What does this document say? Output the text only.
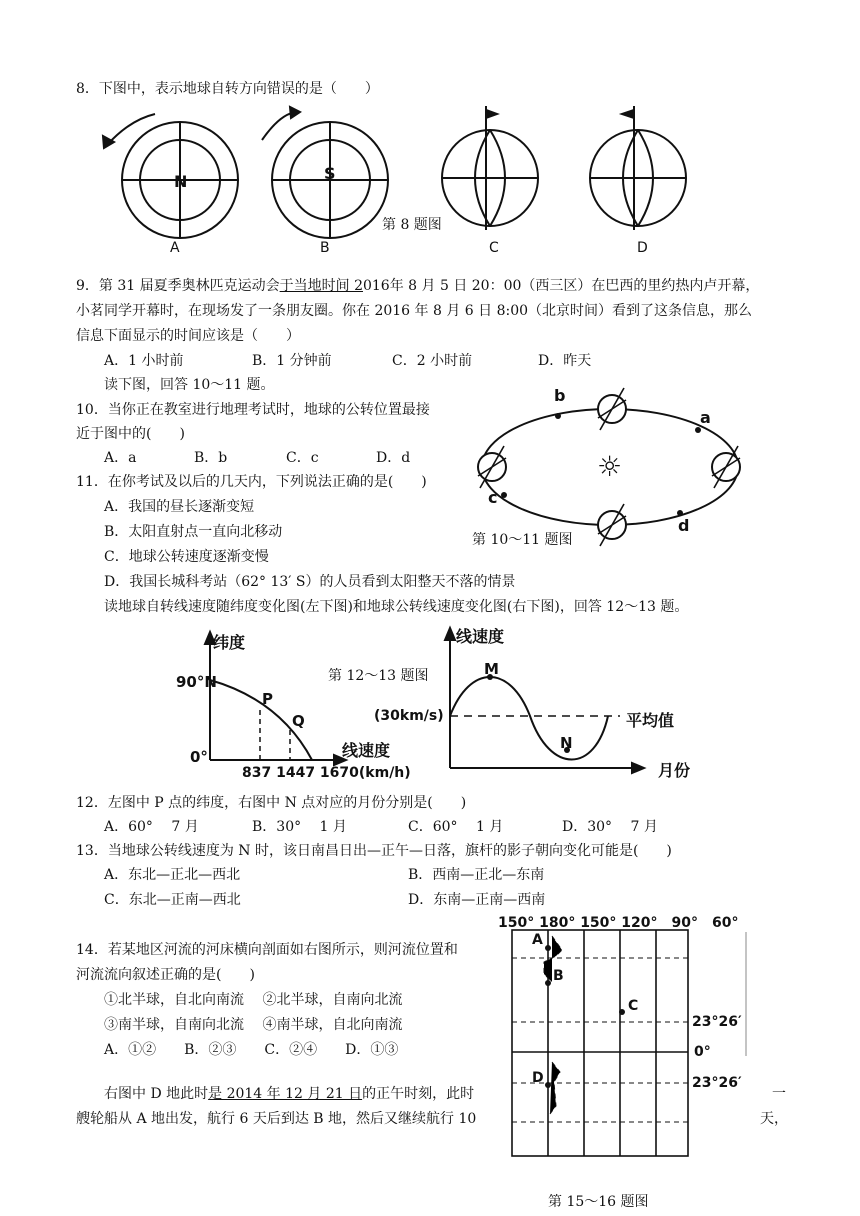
8．下图中，表示地球自转方向错误的是（　　）
N	S
第 8 题图
A	B	C	D
9．第 31 届夏季奥林匹克运动会于当地时间 2016年 8 月 5 日 20：00（西三区）在巴西的里约热内卢开幕，
小茗同学开幕时，在现场发了一条朋友圈。你在 2016 年 8 月 6 日 8:00（北京时间）看到了这条信息，那么
信息下面显示的时间应该是（　　）
A．1 小时前	B．1 分钟前	C．2 小时前	D．昨天
读下图，回答 10～11 题。
10．当你正在教室进行地理考试时，地球的公转位置最接
近于图中的(　　)
A．a	B．b	C．c	D．d
11．在你考试及以后的几天内，下列说法正确的是(　　)
A．我国的昼长逐渐变短
B．太阳直射点一直向北移动
C．地球公转速度逐渐变慢
D．我国长城科考站（62° 13′ S）的人员看到太阳整天不落的情景
☼
b
a
c
d
第 10～11 题图
读地球自转线速度随纬度变化图(左下图)和地球公转线速度变化图(右下图)，回答 12～13 题。
纬度
90°N
0°
P
Q
线速度
837 1447 1670(km/h)
第 12～13 题图
线速度
M
(30km/s)	平均值
N
月份
12．左图中 P 点的纬度，右图中 N 点对应的月份分别是(　　)
A．60°　 7 月	B．30°　 1 月	C．60°　 1 月	D．30°　 7 月
13．当地球公转线速度为 N 时，该日南昌日出—正午—日落，旗杆的影子朝向变化可能是(　　)
A．东北—正北—西北	B．西南—正北—东南
C．东北—正南—西北	D．东南—正南—西南
14．若某地区河流的河床横向剖面如右图所示，则河流位置和
河流流向叙述正确的是(　　)
①北半球，自北向南流　 ②北半球，自南向北流
③南半球，自南向北流　 ④南半球，自北向南流
A．①②　　B．②③　　C．②④　　D．①③
右图中 D 地此时是 2014 年 12 月 21 日的正午时刻，此时	一
艘轮船从 A 地出发，航行 6 天后到达 B 地，然后又继续航行 10	天，
150° 180° 150° 120°　90°　60°
A
B
C
D
23°26′
0°
23°26′
第 15～16 题图
